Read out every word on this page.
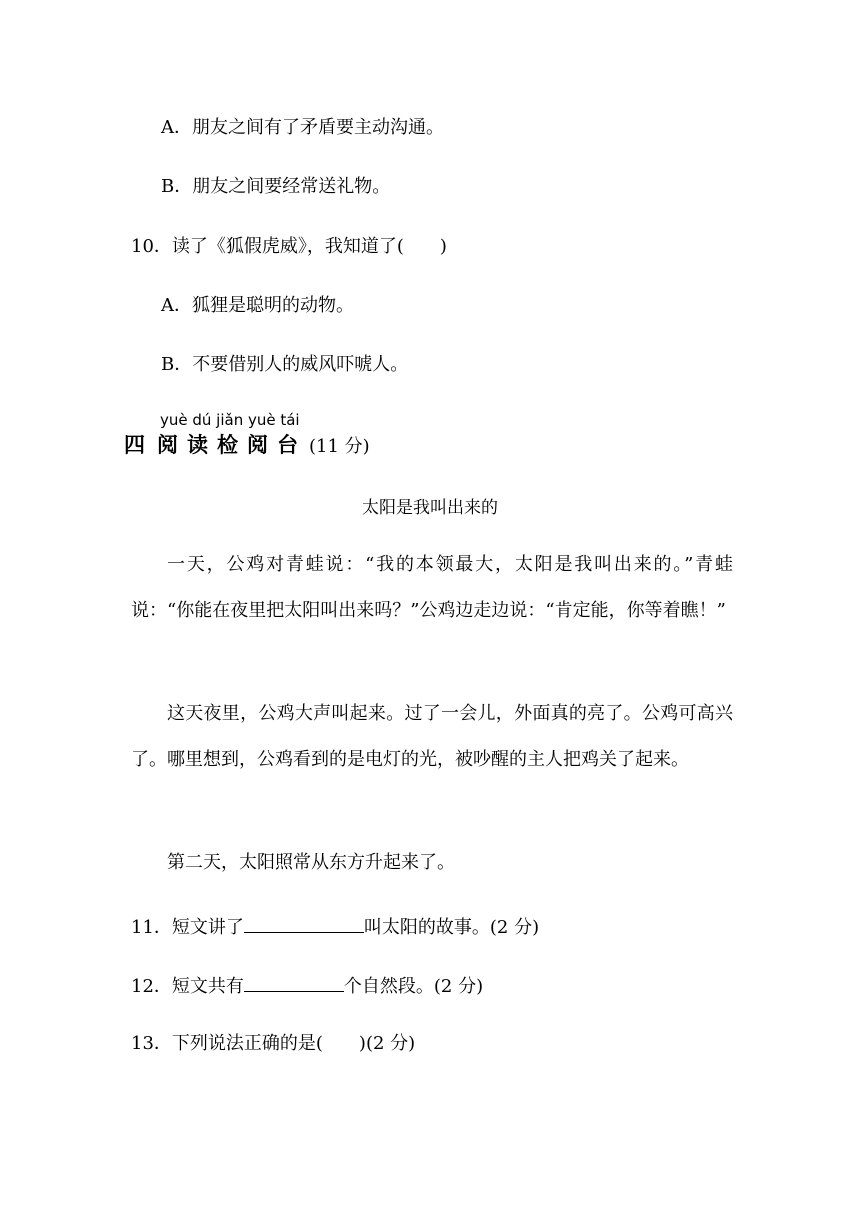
A．朋友之间有了矛盾要主动沟通。
B．朋友之间要经常送礼物。
10．读了《狐假虎威》，我知道了(　　)
A．狐狸是聪明的动物。
B．不要借别人的威风吓唬人。
yuè dú jiǎn yuè tái
四 阅读检阅台 (11 分)
太阳是我叫出来的
一天，公鸡对青蛙说：“我的本领最大，太阳是我叫出来的。”青蛙说：“你能在夜里把太阳叫出来吗？”公鸡边走边说：“肯定能，你等着瞧！”
这天夜里，公鸡大声叫起来。过了一会儿，外面真的亮了。公鸡可高兴了。哪里想到，公鸡看到的是电灯的光，被吵醒的主人把鸡关了起来。
第二天，太阳照常从东方升起来了。
11．短文讲了	叫太阳的故事。(2 分)
12．短文共有	个自然段。(2 分)
13．下列说法正确的是(　　)(2 分)
